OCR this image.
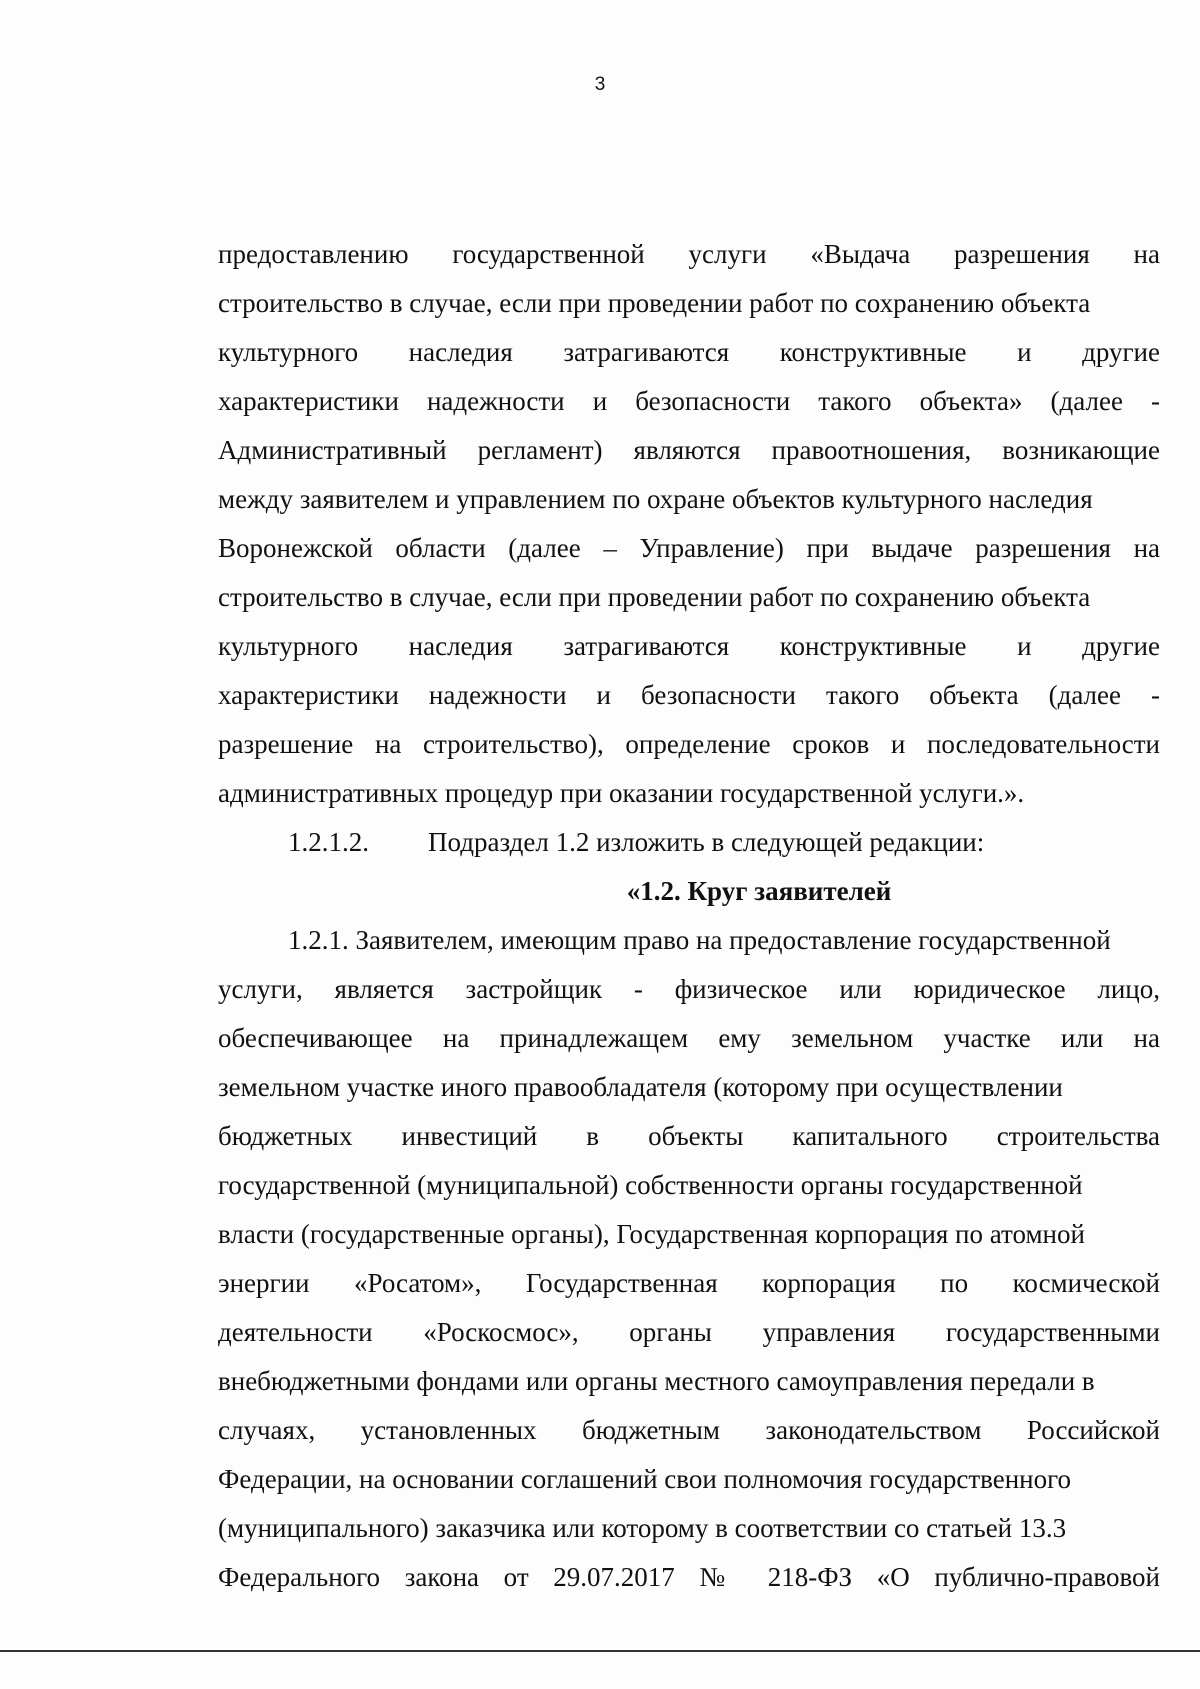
3
предоставлению государственной услуги «Выдача разрешения на
строительство в случае, если при проведении работ по сохранению объекта
культурного наследия затрагиваются конструктивные и другие
характеристики надежности и безопасности такого объекта» (далее -
Административный регламент) являются правоотношения, возникающие
между заявителем и управлением по охране объектов культурного наследия
Воронежской области (далее – Управление) при выдаче разрешения на
строительство в случае, если при проведении работ по сохранению объекта
культурного наследия затрагиваются конструктивные и другие
характеристики надежности и безопасности такого объекта (далее -
разрешение на строительство), определение сроков и последовательности
административных процедур при оказании государственной услуги.».
1.2.1.2.	Подраздел 1.2 изложить в следующей редакции:
«1.2. Круг заявителей
1.2.1. Заявителем, имеющим право на предоставление государственной
услуги, является застройщик - физическое или юридическое лицо,
обеспечивающее на принадлежащем ему земельном участке или на
земельном участке иного правообладателя (которому при осуществлении
бюджетных инвестиций в объекты капитального строительства
государственной (муниципальной) собственности органы государственной
власти (государственные органы), Государственная корпорация по атомной
энергии «Росатом», Государственная корпорация по космической
деятельности «Роскосмос», органы управления государственными
внебюджетными фондами или органы местного самоуправления передали в
случаях, установленных бюджетным законодательством Российской
Федерации, на основании соглашений свои полномочия государственного
(муниципального) заказчика или которому в соответствии со статьей 13.3
Федерального закона от 29.07.2017 № 218-ФЗ «О публично-правовой
